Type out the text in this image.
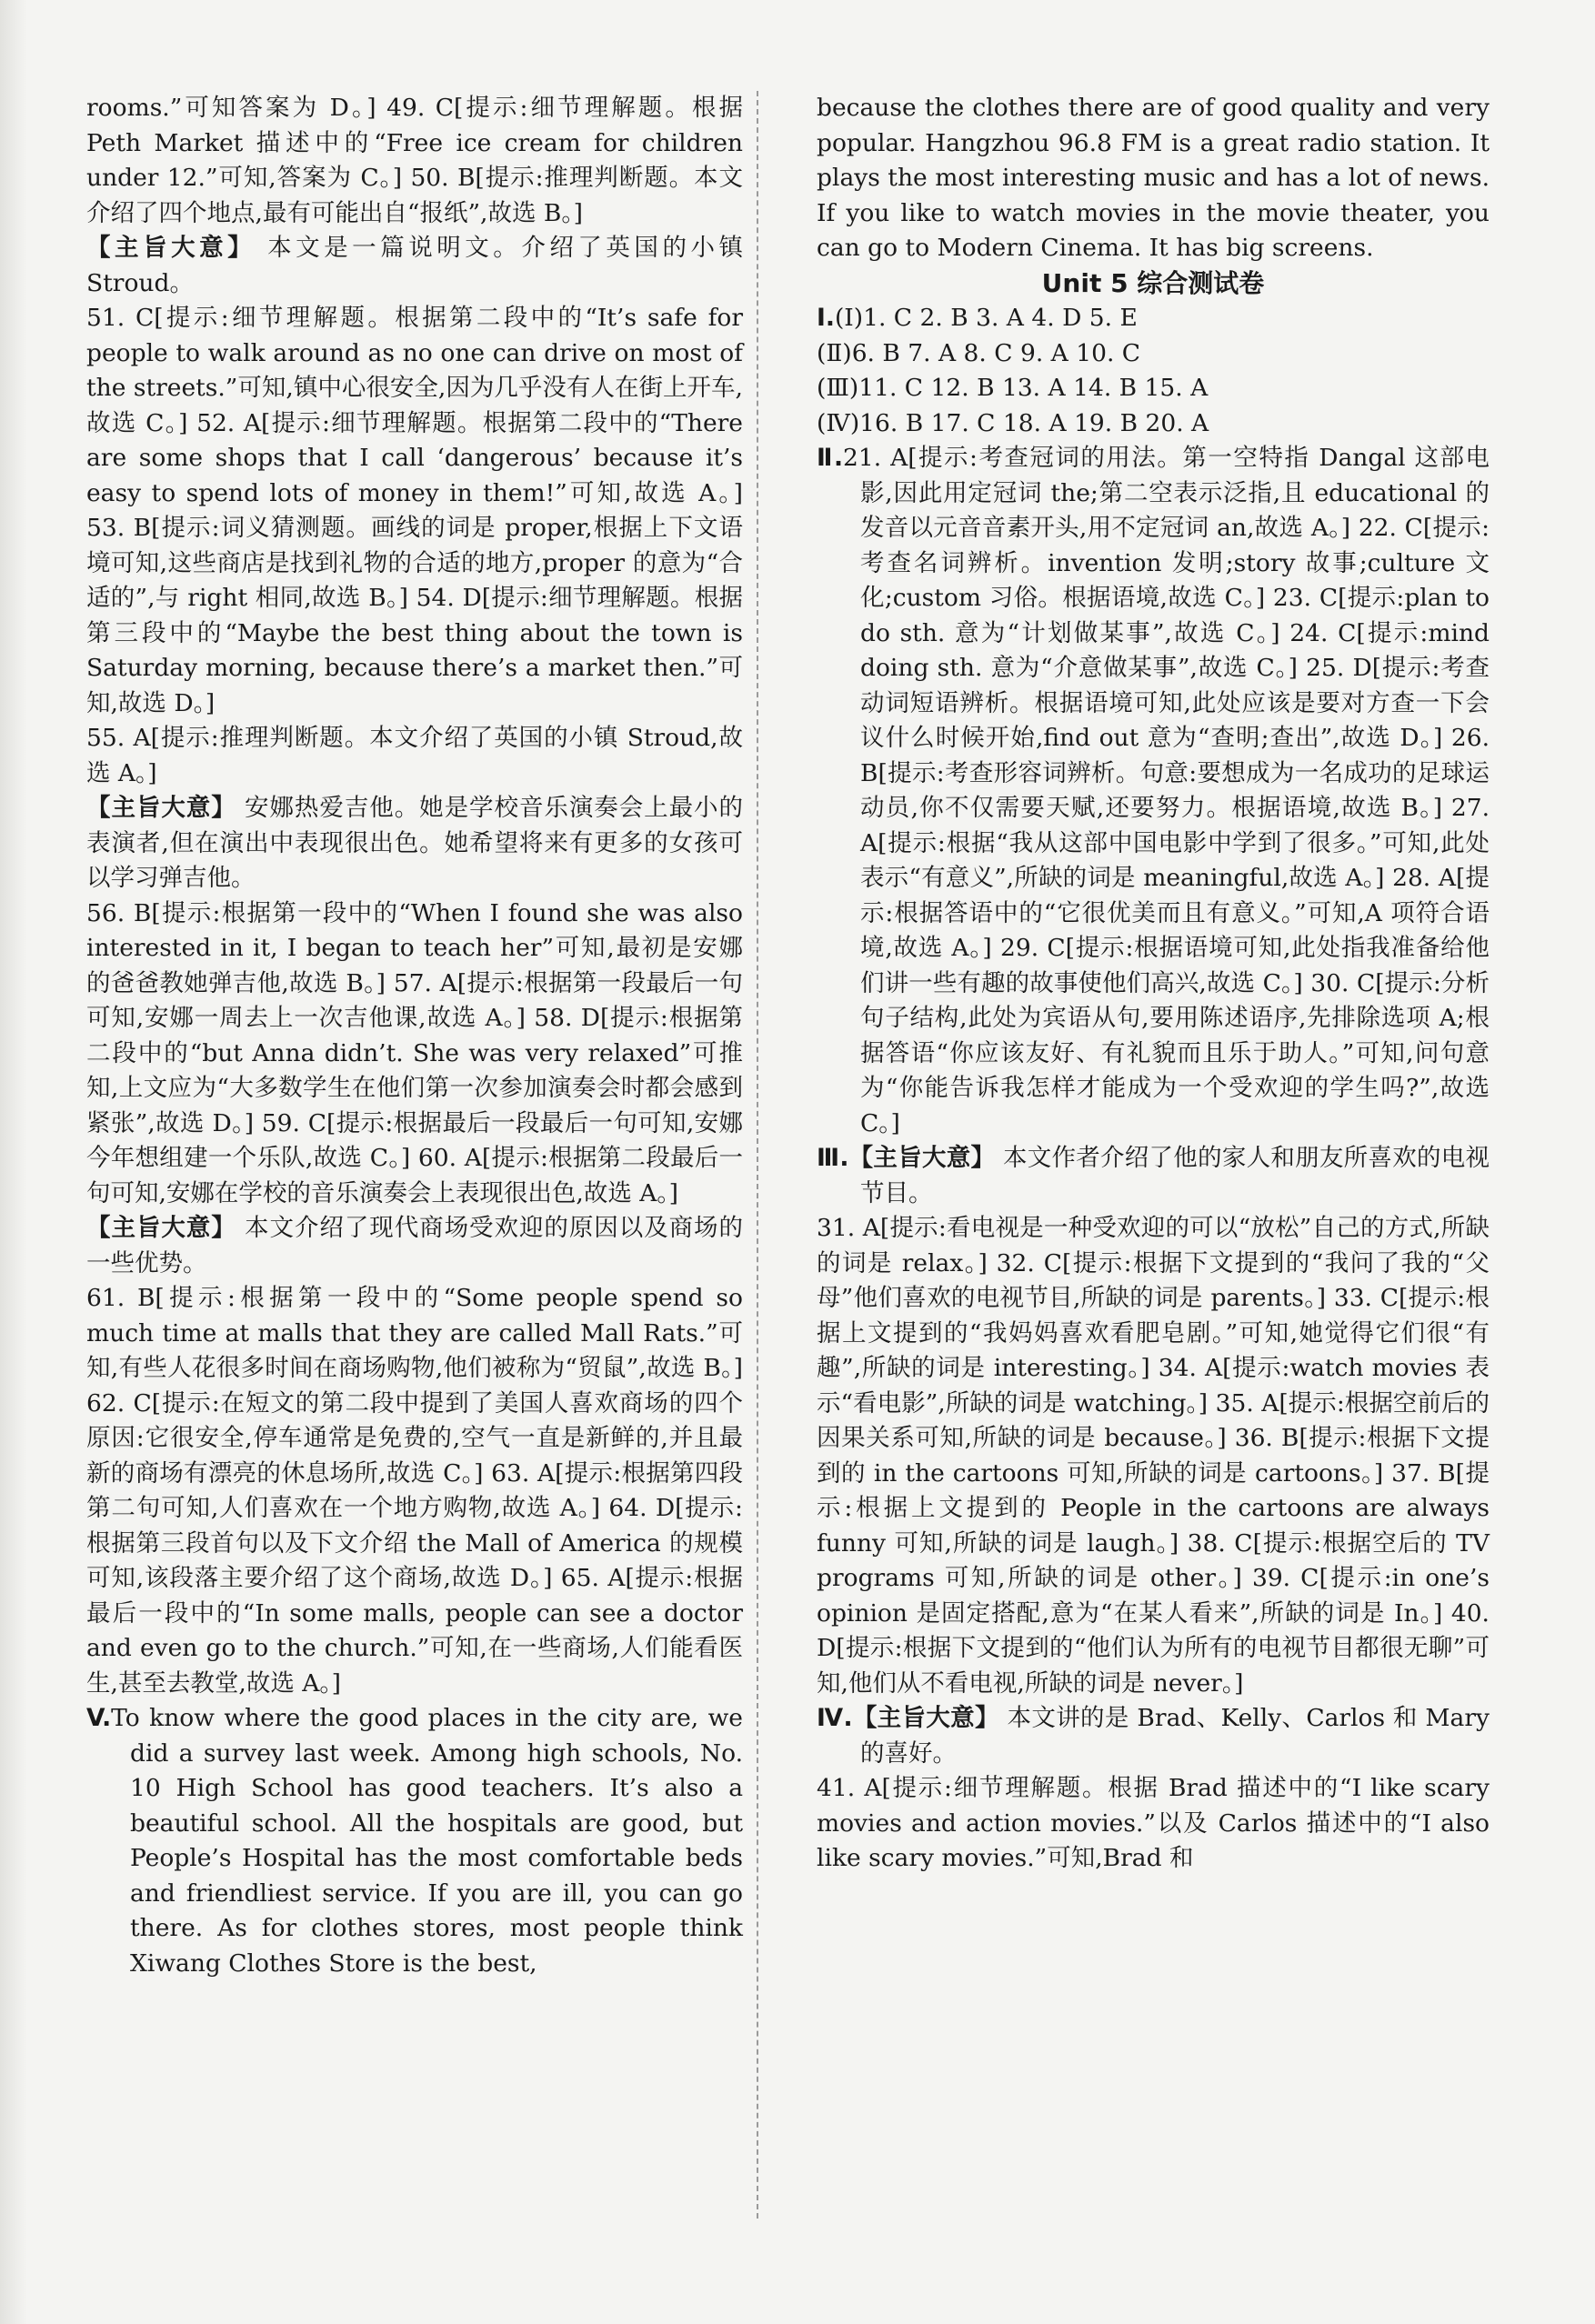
rooms.”可知答案为 D。] 49. C[提示:细节理解题。根据 Peth Market 描述中的“Free ice cream for children under 12.”可知,答案为 C。] 50. B[提示:推理判断题。本文介绍了四个地点,最有可能出自“报纸”,故选 B。]

【主旨大意】 本文是一篇说明文。介绍了英国的小镇 Stroud。

51. C[提示:细节理解题。根据第二段中的“It’s safe for people to walk around as no one can drive on most of the streets.”可知,镇中心很安全,因为几乎没有人在街上开车,故选 C。] 52. A[提示:细节理解题。根据第二段中的“There are some shops that I call ‘dangerous’ because it’s easy to spend lots of money in them!”可知,故选 A。] 53. B[提示:词义猜测题。画线的词是 proper,根据上下文语境可知,这些商店是找到礼物的合适的地方,proper 的意为“合适的”,与 right 相同,故选 B。] 54. D[提示:细节理解题。根据第三段中的“Maybe the best thing about the town is Saturday morning, because there’s a market then.”可知,故选 D。]

55. A[提示:推理判断题。本文介绍了英国的小镇 Stroud,故选 A。]

【主旨大意】 安娜热爱吉他。她是学校音乐演奏会上最小的表演者,但在演出中表现很出色。她希望将来有更多的女孩可以学习弹吉他。

56. B[提示:根据第一段中的“When I found she was also interested in it, I began to teach her”可知,最初是安娜的爸爸教她弹吉他,故选 B。] 57. A[提示:根据第一段最后一句可知,安娜一周去上一次吉他课,故选 A。] 58. D[提示:根据第二段中的“but Anna didn’t. She was very relaxed”可推知,上文应为“大多数学生在他们第一次参加演奏会时都会感到紧张”,故选 D。] 59. C[提示:根据最后一段最后一句可知,安娜今年想组建一个乐队,故选 C。] 60. A[提示:根据第二段最后一句可知,安娜在学校的音乐演奏会上表现很出色,故选 A。]

【主旨大意】 本文介绍了现代商场受欢迎的原因以及商场的一些优势。

61. B[提示:根据第一段中的“Some people spend so much time at malls that they are called Mall Rats.”可知,有些人花很多时间在商场购物,他们被称为“贸鼠”,故选 B。] 62. C[提示:在短文的第二段中提到了美国人喜欢商场的四个原因:它很安全,停车通常是免费的,空气一直是新鲜的,并且最新的商场有漂亮的休息场所,故选 C。] 63. A[提示:根据第四段第二句可知,人们喜欢在一个地方购物,故选 A。] 64. D[提示:根据第三段首句以及下文介绍 the Mall of America 的规模可知,该段落主要介绍了这个商场,故选 D。] 65. A[提示:根据最后一段中的“In some malls, people can see a doctor and even go to the church.”可知,在一些商场,人们能看医生,甚至去教堂,故选 A。]

V.To know where the good places in the city are, we did a survey last week. Among high schools, No. 10 High School has good teachers. It’s also a beautiful school. All the hospitals are good, but People’s Hospital has the most comfortable beds and friendliest service. If you are ill, you can go there. As for clothes stores, most people think Xiwang Clothes Store is the best,

because the clothes there are of good quality and very popular. Hangzhou 96.8 FM is a great radio station. It plays the most interesting music and has a lot of news. If you like to watch movies in the movie theater, you can go to Modern Cinema. It has big screens.

Unit 5 综合测试卷

Ⅰ.(Ⅰ)1. C 2. B 3. A 4. D 5. E

(Ⅱ)6. B 7. A 8. C 9. A 10. C

(Ⅲ)11. C 12. B 13. A 14. B 15. A

(Ⅳ)16. B 17. C 18. A 19. B 20. A

Ⅱ.21. A[提示:考查冠词的用法。第一空特指 Dangal 这部电影,因此用定冠词 the;第二空表示泛指,且 educational 的发音以元音音素开头,用不定冠词 an,故选 A。] 22. C[提示:考查名词辨析。invention 发明;story 故事;culture 文化;custom 习俗。根据语境,故选 C。] 23. C[提示:plan to do sth. 意为“计划做某事”,故选 C。] 24. C[提示:mind doing sth. 意为“介意做某事”,故选 C。] 25. D[提示:考查动词短语辨析。根据语境可知,此处应该是要对方查一下会议什么时候开始,find out 意为“查明;查出”,故选 D。] 26. B[提示:考查形容词辨析。句意:要想成为一名成功的足球运动员,你不仅需要天赋,还要努力。根据语境,故选 B。] 27. A[提示:根据“我从这部中国电影中学到了很多。”可知,此处表示“有意义”,所缺的词是 meaningful,故选 A。] 28. A[提示:根据答语中的“它很优美而且有意义。”可知,A 项符合语境,故选 A。] 29. C[提示:根据语境可知,此处指我准备给他们讲一些有趣的故事使他们高兴,故选 C。] 30. C[提示:分析句子结构,此处为宾语从句,要用陈述语序,先排除选项 A;根据答语“你应该友好、有礼貌而且乐于助人。”可知,问句意为“你能告诉我怎样才能成为一个受欢迎的学生吗?”,故选 C。]

Ⅲ.【主旨大意】 本文作者介绍了他的家人和朋友所喜欢的电视节目。

31. A[提示:看电视是一种受欢迎的可以“放松”自己的方式,所缺的词是 relax。] 32. C[提示:根据下文提到的“我问了我的“父母”他们喜欢的电视节目,所缺的词是 parents。] 33. C[提示:根据上文提到的“我妈妈喜欢看肥皂剧。”可知,她觉得它们很“有趣”,所缺的词是 interesting。] 34. A[提示:watch movies 表示“看电影”,所缺的词是 watching。] 35. A[提示:根据空前后的因果关系可知,所缺的词是 because。] 36. B[提示:根据下文提到的 in the cartoons 可知,所缺的词是 cartoons。] 37. B[提示:根据上文提到的 People in the cartoons are always funny 可知,所缺的词是 laugh。] 38. C[提示:根据空后的 TV programs 可知,所缺的词是 other。] 39. C[提示:in one’s opinion 是固定搭配,意为“在某人看来”,所缺的词是 In。] 40. D[提示:根据下文提到的“他们认为所有的电视节目都很无聊”可知,他们从不看电视,所缺的词是 never。]

Ⅳ.【主旨大意】 本文讲的是 Brad、Kelly、Carlos 和 Mary 的喜好。

41. A[提示:细节理解题。根据 Brad 描述中的“I like scary movies and action movies.”以及 Carlos 描述中的“I also like scary movies.”可知,Brad 和
